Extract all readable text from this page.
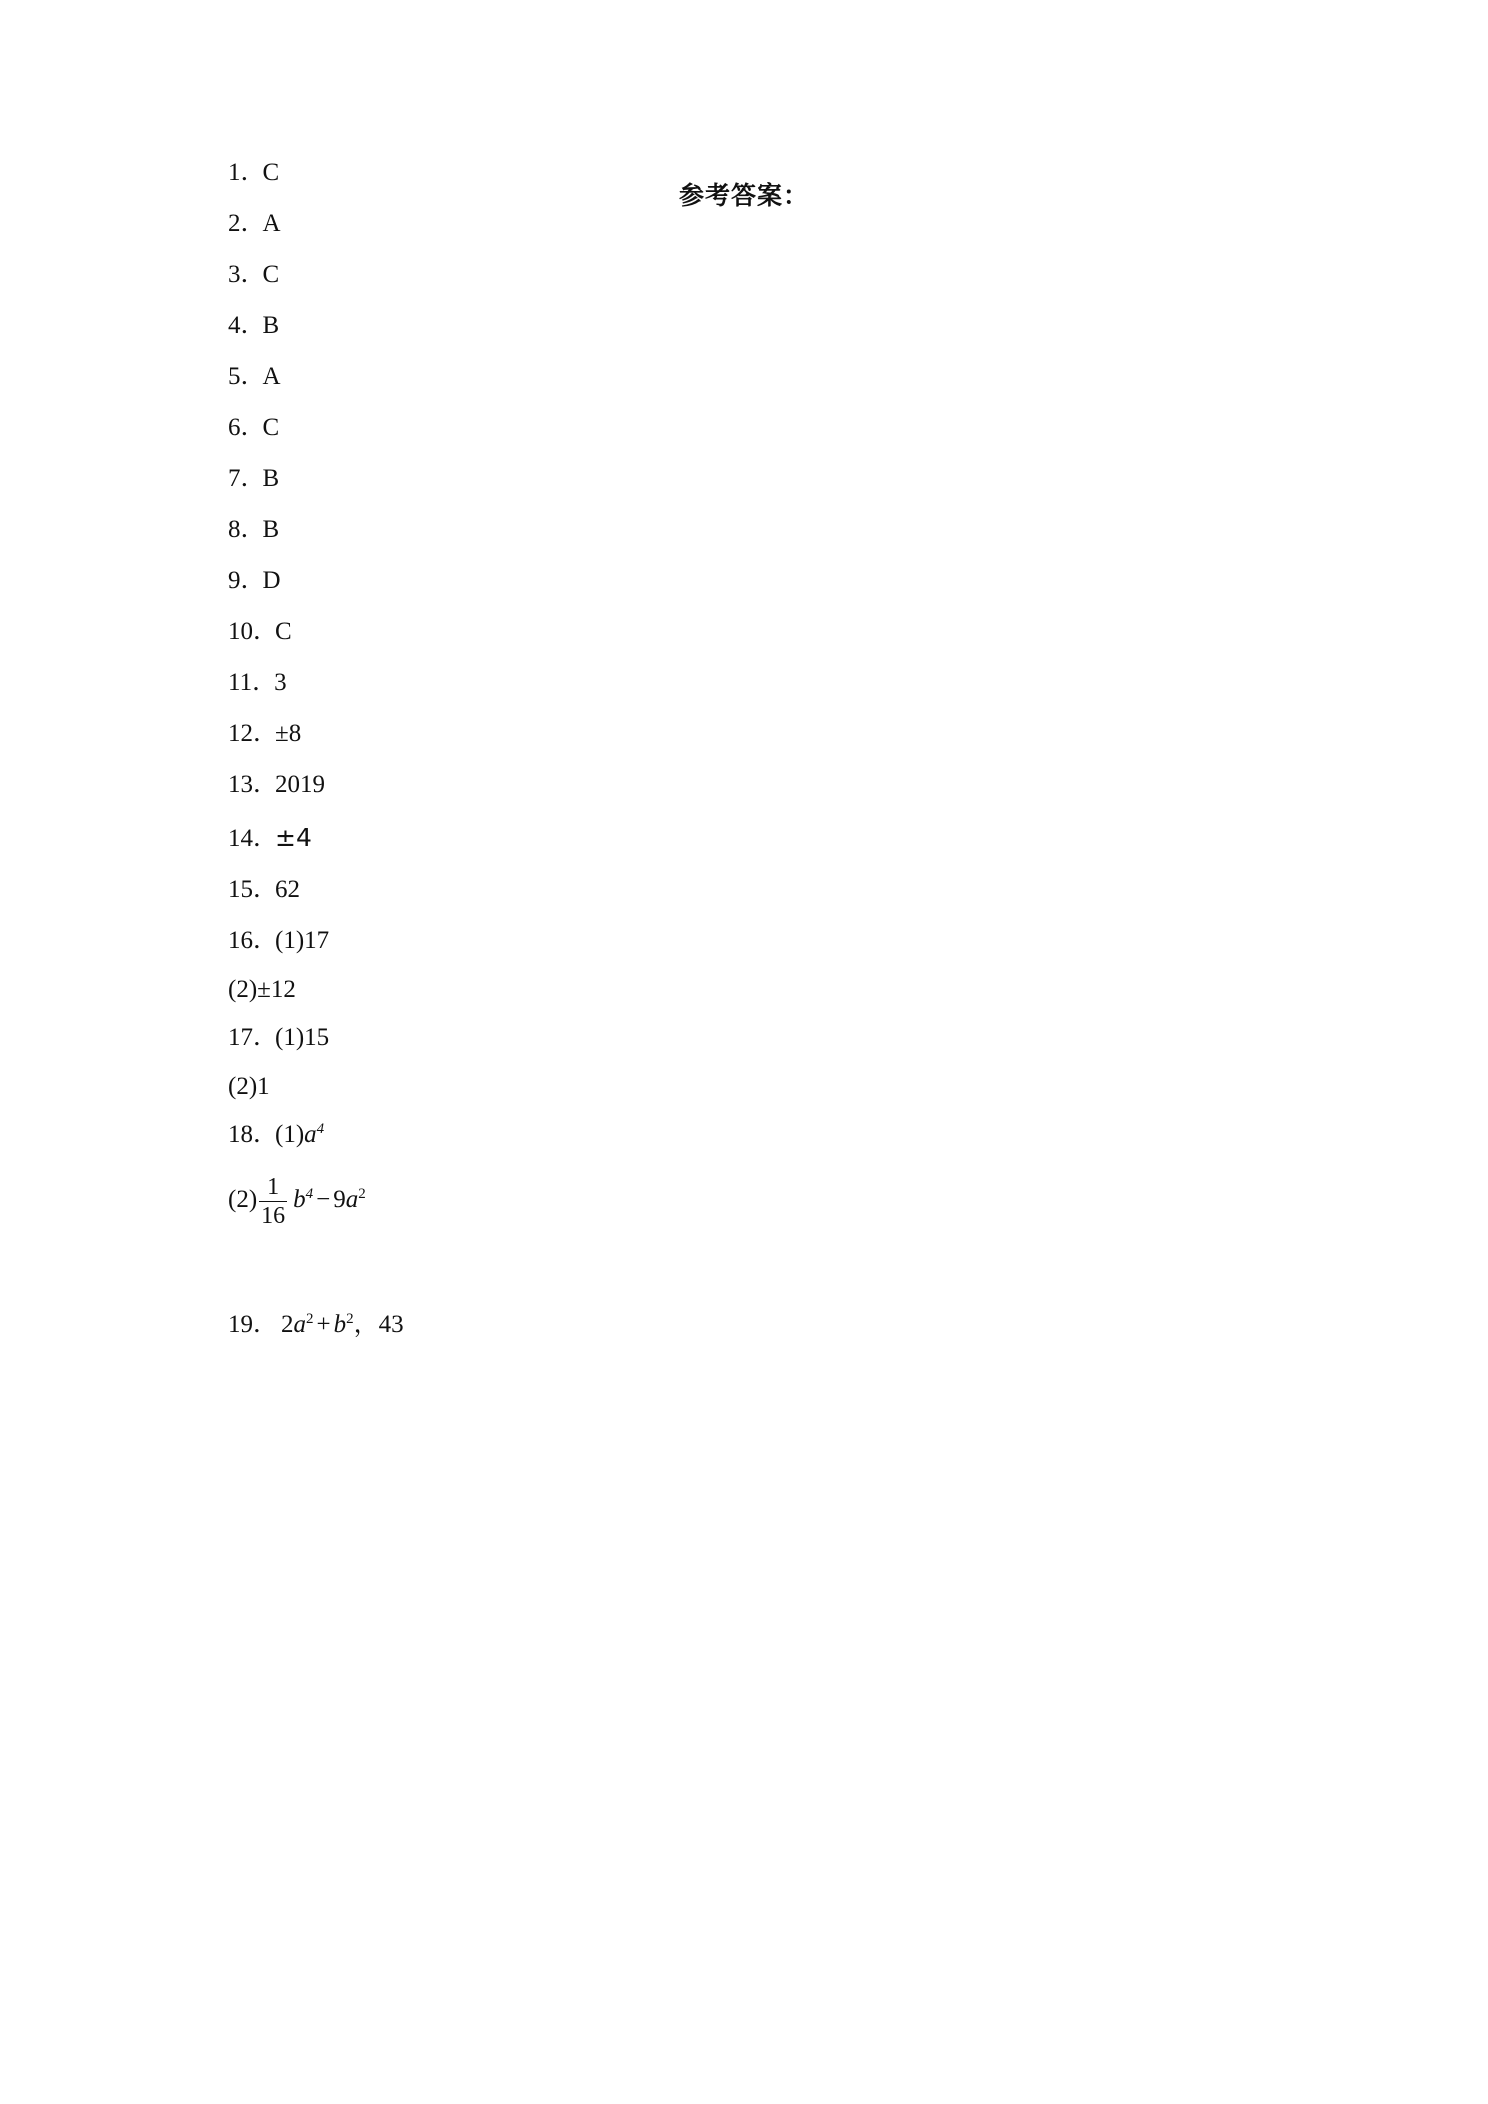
参考答案：
1．C
2．A
3．C
4．B
5．A
6．C
7．B
8．B
9．D
10．C
11．3
12．±8
13．2019
14．±4
15．62
16．(1)17
(2)±12
17．(1)15
(2)1
18．$(1)a^4$
$(2) \frac{1}{16} b^4 - 9a^2$
19． $2a^2 + b^2$，43
